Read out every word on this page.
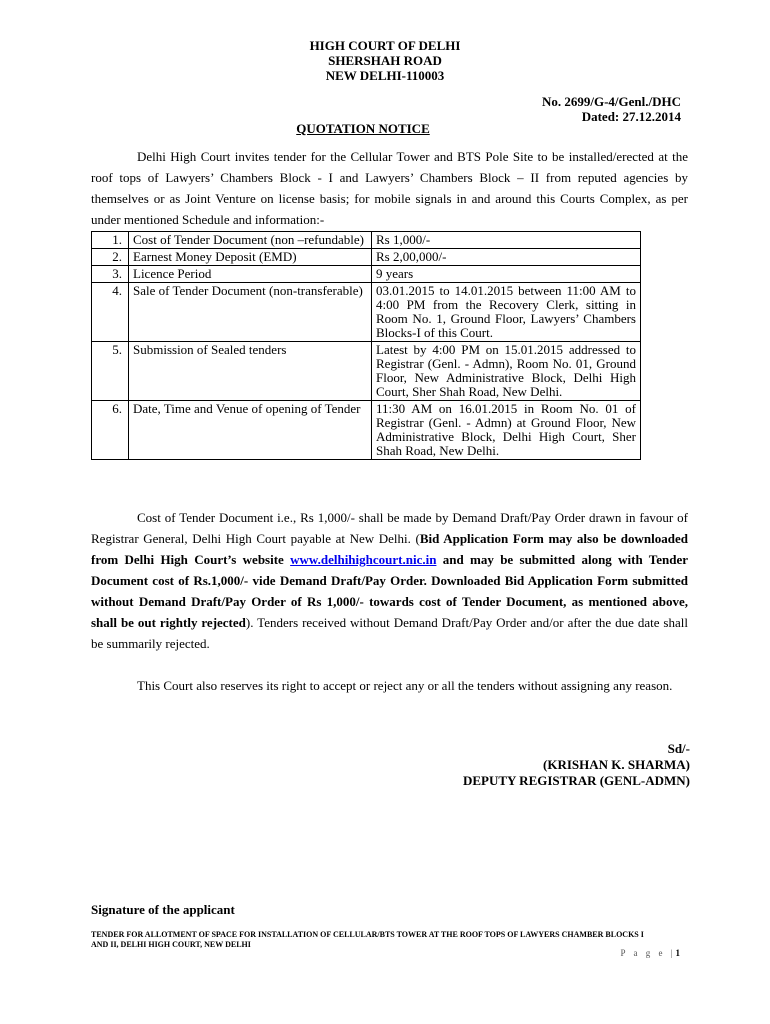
HIGH COURT OF DELHI
SHERSHAH ROAD
NEW DELHI-110003
No. 2699/G-4/Genl./DHC
Dated: 27.12.2014
QUOTATION NOTICE
Delhi High Court invites tender for the Cellular Tower and BTS Pole Site to be installed/erected at the roof tops of Lawyers’ Chambers Block - I and Lawyers’ Chambers Block – II from reputed agencies by themselves or as Joint Venture on license basis; for mobile signals in and around this Courts Complex, as per under mentioned Schedule and information:-
1.	Cost of Tender Document (non –refundable)	Rs 1,000/-
2.	Earnest Money Deposit (EMD)	Rs 2,00,000/-
3.	Licence Period	9 years
4.	Sale of Tender Document (non-transferable)	03.01.2015 to 14.01.2015 between 11:00 AM to 4:00 PM from the Recovery Clerk, sitting in Room No. 1, Ground Floor, Lawyers’ Chambers Blocks-I of this Court.
5.	Submission of Sealed tenders	Latest by 4:00 PM on 15.01.2015 addressed to Registrar (Genl. - Admn), Room No. 01, Ground Floor, New Administrative Block, Delhi High Court, Sher Shah Road, New Delhi.
6.	Date, Time and Venue of opening of Tender	11:30 AM on 16.01.2015 in Room No. 01 of Registrar (Genl. - Admn) at Ground Floor, New Administrative Block, Delhi High Court, Sher Shah Road, New Delhi.
Cost of Tender Document i.e., Rs 1,000/- shall be made by Demand Draft/Pay Order drawn in favour of Registrar General, Delhi High Court payable at New Delhi. (Bid Application Form may also be downloaded from Delhi High Court’s website www.delhihighcourt.nic.in and may be submitted along with Tender Document cost of Rs.1,000/- vide Demand Draft/Pay Order. Downloaded Bid Application Form submitted without Demand Draft/Pay Order of Rs 1,000/- towards cost of Tender Document, as mentioned above, shall be out rightly rejected). Tenders received without Demand Draft/Pay Order and/or after the due date shall be summarily rejected.
This Court also reserves its right to accept or reject any or all the tenders without assigning any reason.
Sd/-
(KRISHAN K. SHARMA)
DEPUTY REGISTRAR (GENL-ADMN)
Signature of the applicant
TENDER FOR ALLOTMENT OF SPACE FOR INSTALLATION OF CELLULAR/BTS TOWER AT THE ROOF TOPS OF LAWYERS CHAMBER BLOCKS I AND II, DELHI HIGH COURT, NEW DELHI
P a g e |1
